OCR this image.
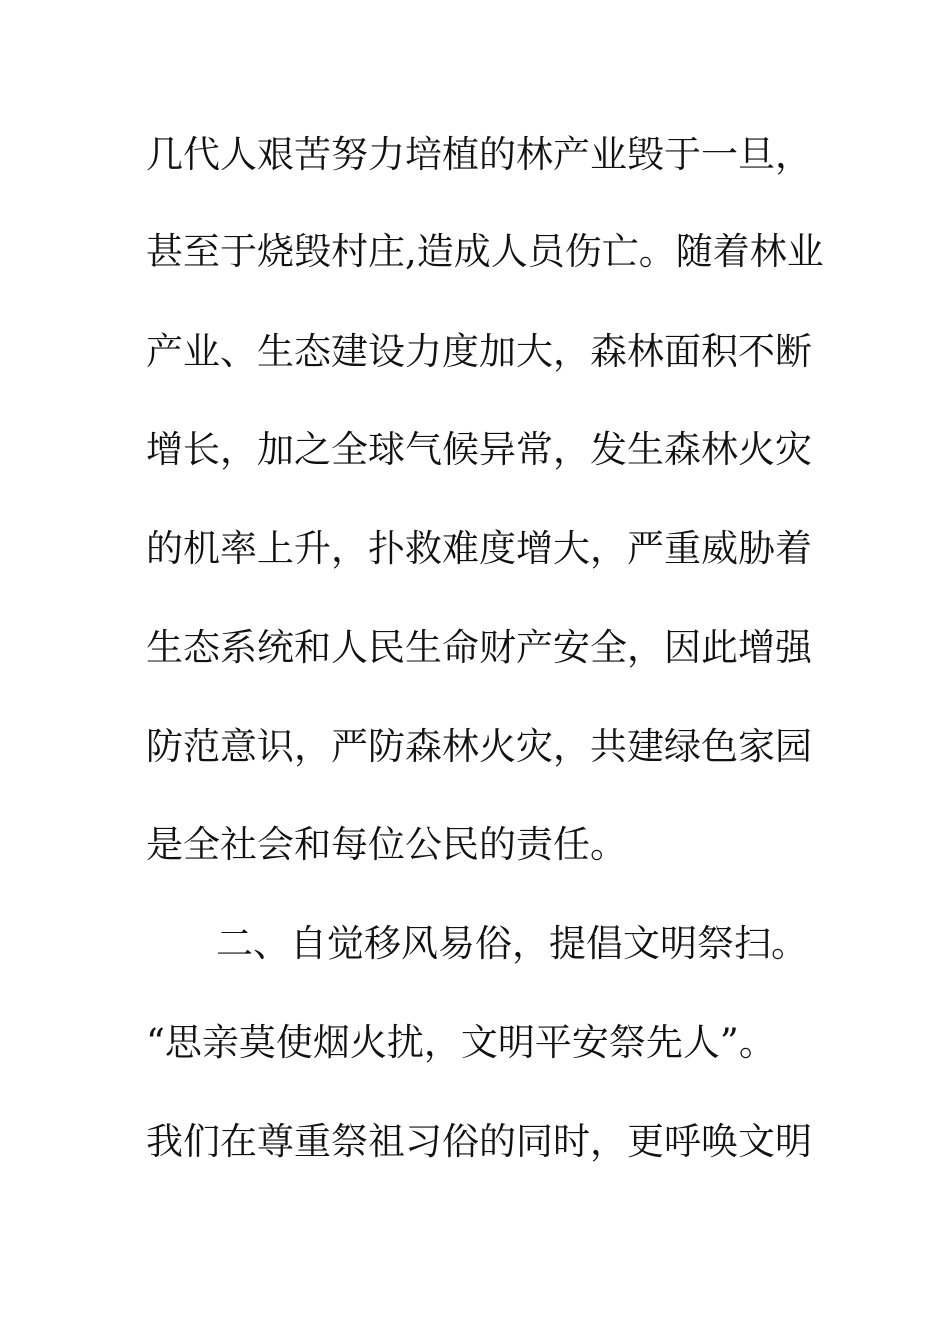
几代人艰苦努力培植的林产业毁于一旦，
甚至于烧毁村庄,造成人员伤亡。随着林业
产业、生态建设力度加大，森林面积不断
增长，加之全球气候异常，发生森林火灾
的机率上升，扑救难度增大，严重威胁着
生态系统和人民生命财产安全，因此增强
防范意识，严防森林火灾，共建绿色家园
是全社会和每位公民的责任。
二、自觉移风易俗，提倡文明祭扫。
“思亲莫使烟火扰，文明平安祭先人”。
我们在尊重祭祖习俗的同时，更呼唤文明
